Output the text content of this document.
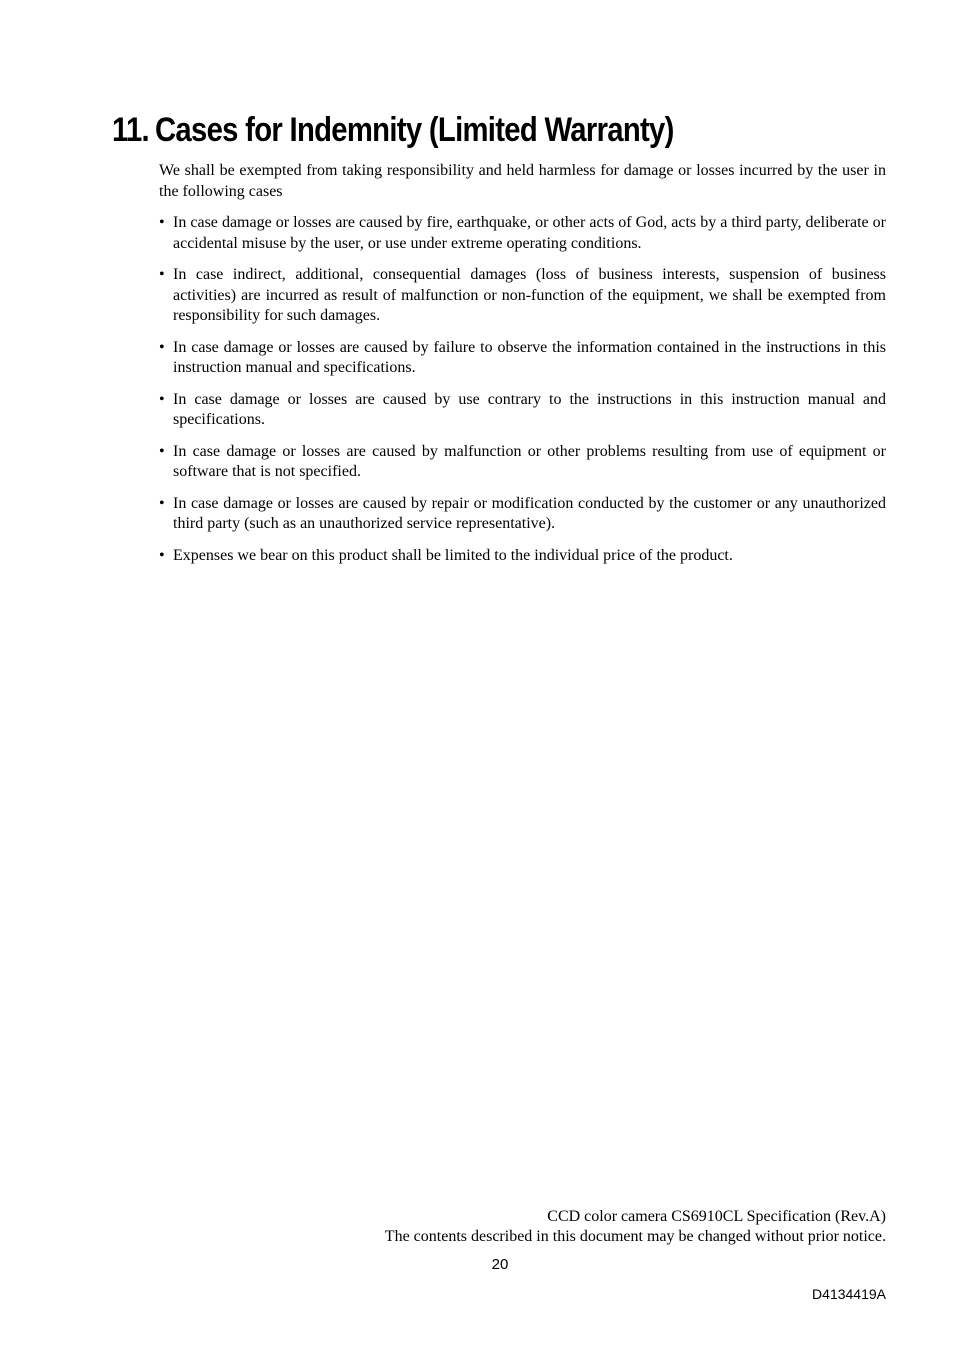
11. Cases for Indemnity (Limited Warranty)

We shall be exempted from taking responsibility and held harmless for damage or losses incurred by the user in the following cases

• In case damage or losses are caused by fire, earthquake, or other acts of God, acts by a third party, deliberate or accidental misuse by the user, or use under extreme operating conditions.
• In case indirect, additional, consequential damages (loss of business interests, suspension of business activities) are incurred as result of malfunction or non-function of the equipment, we shall be exempted from responsibility for such damages.
• In case damage or losses are caused by failure to observe the information contained in the instructions in this instruction manual and specifications.
• In case damage or losses are caused by use contrary to the instructions in this instruction manual and specifications.
• In case damage or losses are caused by malfunction or other problems resulting from use of equipment or software that is not specified.
• In case damage or losses are caused by repair or modification conducted by the customer or any unauthorized third party (such as an unauthorized service representative).
• Expenses we bear on this product shall be limited to the individual price of the product.
CCD color camera CS6910CL Specification (Rev.A)
The contents described in this document may be changed without prior notice.
20
D4134419A
